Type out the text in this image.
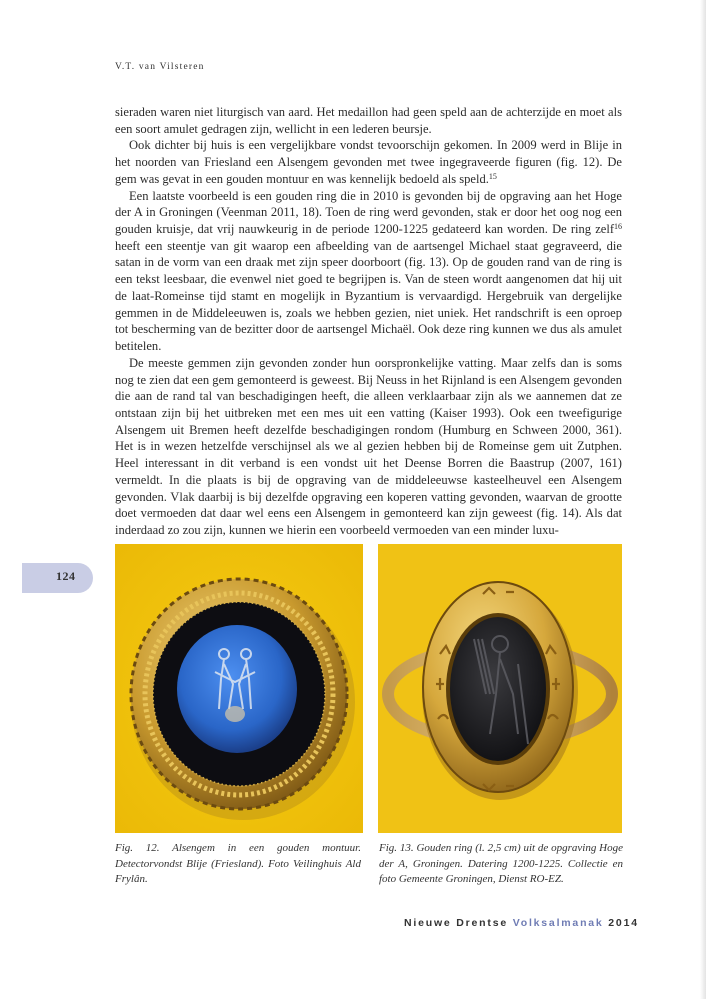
V.T. van Vilsteren

sieraden waren niet liturgisch van aard. Het medaillon had geen speld aan de achterzijde en moet als een soort amulet gedragen zijn, wellicht in een lederen beursje.

Ook dichter bij huis is een vergelijkbare vondst tevoorschijn gekomen. In 2009 werd in Blije in het noorden van Friesland een Alsengem gevonden met twee ingegraveerde figuren (fig. 12). De gem was gevat in een gouden montuur en was kennelijk bedoeld als speld.$^{15}$

Een laatste voorbeeld is een gouden ring die in 2010 is gevonden bij de opgraving aan het Hoge der A in Groningen (Veenman 2011, 18). Toen de ring werd gevonden, stak er door het oog nog een gouden kruisje, dat vrij nauwkeurig in de periode 1200-1225 gedateerd kan worden. De ring zelf$^{16}$ heeft een steentje van git waarop een afbeelding van de aartsengel Michael staat gegraveerd, die satan in de vorm van een draak met zijn speer doorboort (fig. 13). Op de gouden rand van de ring is een tekst leesbaar, die evenwel niet goed te begrijpen is. Van de steen wordt aangenomen dat hij uit de laat-Romeinse tijd stamt en mogelijk in Byzantium is vervaardigd. Hergebruik van dergelijke gemmen in de Middeleeuwen is, zoals we hebben gezien, niet uniek. Het randschrift is een oproep tot bescherming van de bezitter door de aartsengel Michaël. Ook deze ring kunnen we dus als amulet betitelen.

De meeste gemmen zijn gevonden zonder hun oorspronkelijke vatting. Maar zelfs dan is soms nog te zien dat een gem gemonteerd is geweest. Bij Neuss in het Rijnland is een Alsengem gevonden die aan de rand tal van beschadigingen heeft, die alleen verklaarbaar zijn als we aannemen dat ze ontstaan zijn bij het uitbreken met een mes uit een vatting (Kaiser 1993). Ook een tweefigurige Alsengem uit Bremen heeft dezelfde beschadigingen rondom (Humburg en Schween 2000, 361). Het is in wezen hetzelfde verschijnsel als we al gezien hebben bij de Romeinse gem uit Zutphen. Heel interessant in dit verband is een vondst uit het Deense Borren die Baastrup (2007, 161) vermeldt. In die plaats is bij de opgraving van de middeleeuwse kasteelheuvel een Alsengem gevonden. Vlak daarbij is bij dezelfde opgraving een koperen vatting gevonden, waarvan de grootte doet vermoeden dat daar wel eens een Alsengem in gemonteerd kan zijn geweest (fig. 14). Als dat inderdaad zo zou zijn, kunnen we hierin een voorbeeld vermoeden van een minder luxu-

124
Fig. 12. Alsengem in een gouden montuur. Detectorvondst Blije (Friesland). Foto Veilinghuis Ald Frylân.
Fig. 13. Gouden ring (l. 2,5 cm) uit de opgraving Hoge der A, Groningen. Datering 1200-1225. Collectie en foto Gemeente Groningen, Dienst RO-EZ.
Nieuwe Drentse Volksalmanak 2014
